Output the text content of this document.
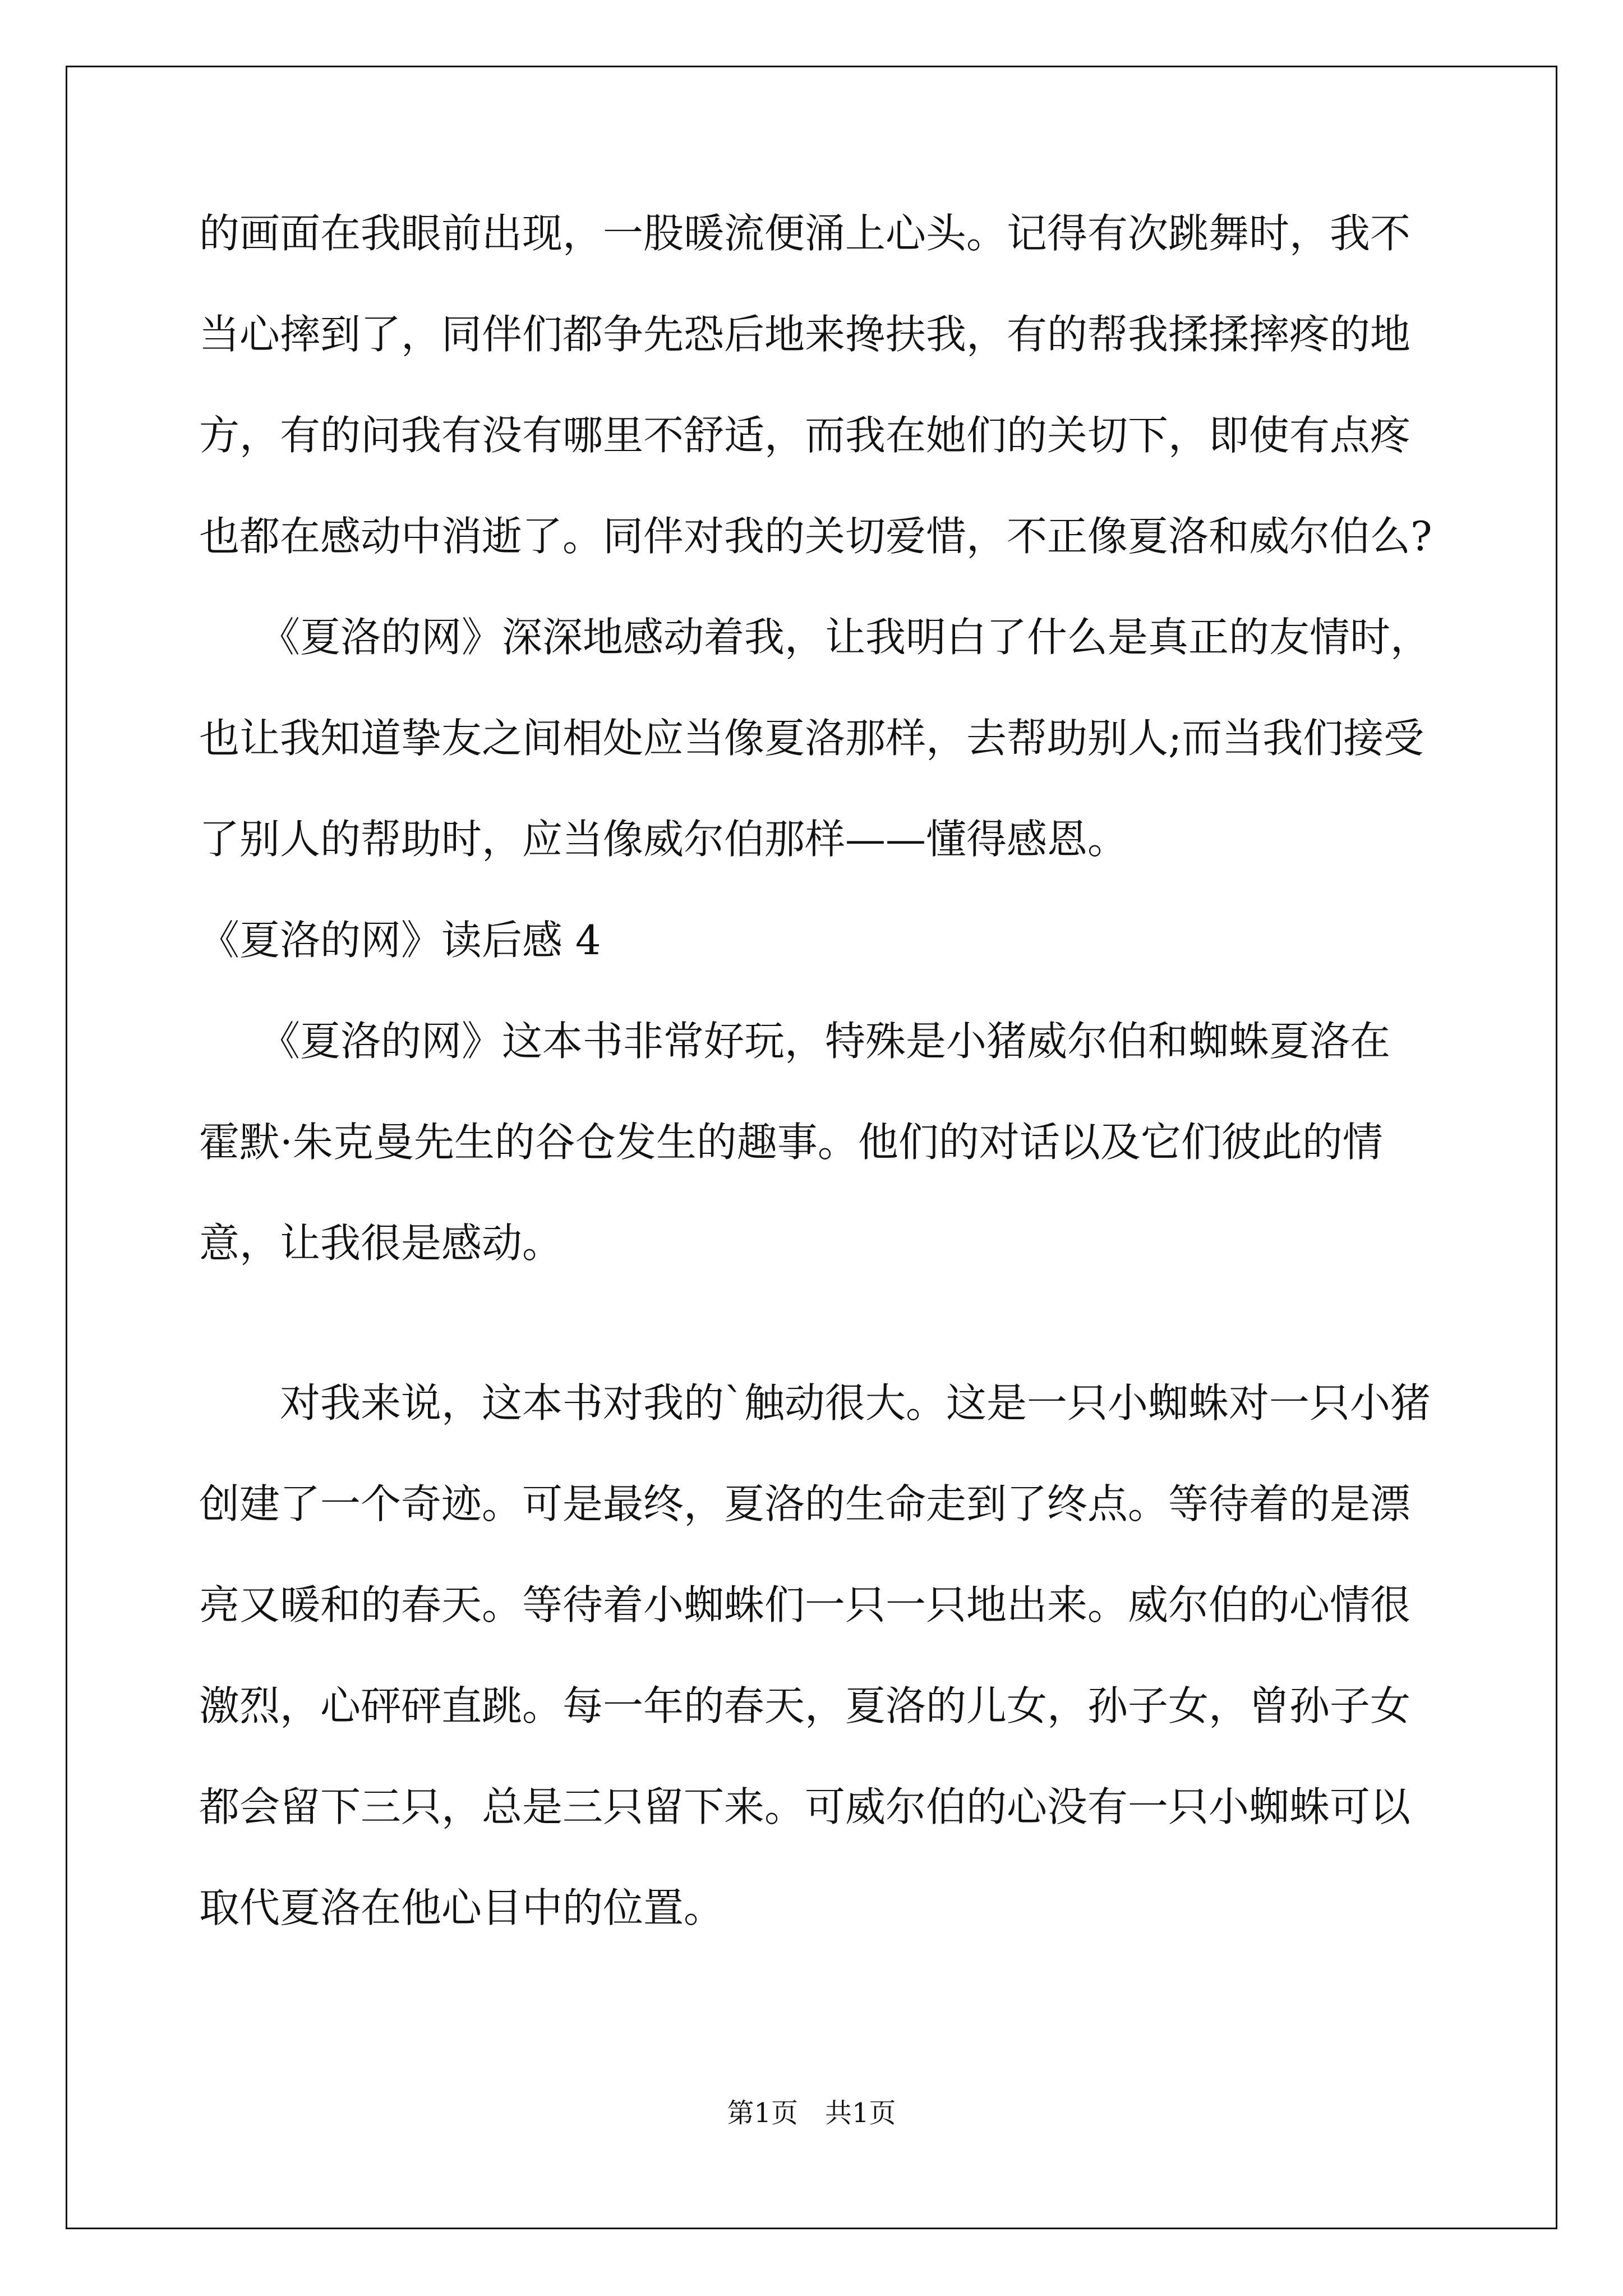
的画面在我眼前出现，一股暖流便涌上心头。记得有次跳舞时，我不
当心摔到了，同伴们都争先恐后地来搀扶我，有的帮我揉揉摔疼的地
方，有的问我有没有哪里不舒适，而我在她们的关切下，即使有点疼
也都在感动中消逝了。同伴对我的关切爱惜，不正像夏洛和威尔伯么?
　　《夏洛的网》深深地感动着我，让我明白了什么是真正的友情时，
也让我知道挚友之间相处应当像夏洛那样，去帮助别人;而当我们接受
了别人的帮助时，应当像威尔伯那样——懂得感恩。
《夏洛的网》读后感 4
　　《夏洛的网》这本书非常好玩，特殊是小猪威尔伯和蜘蛛夏洛在
霍默·朱克曼先生的谷仓发生的趣事。他们的对话以及它们彼此的情
意，让我很是感动。
　　对我来说，这本书对我的`触动很大。这是一只小蜘蛛对一只小猪
创建了一个奇迹。可是最终，夏洛的生命走到了终点。等待着的是漂
亮又暖和的春天。等待着小蜘蛛们一只一只地出来。威尔伯的心情很
激烈，心砰砰直跳。每一年的春天，夏洛的儿女，孙子女，曾孙子女
都会留下三只，总是三只留下来。可威尔伯的心没有一只小蜘蛛可以
取代夏洛在他心目中的位置。
第1页　共1页
